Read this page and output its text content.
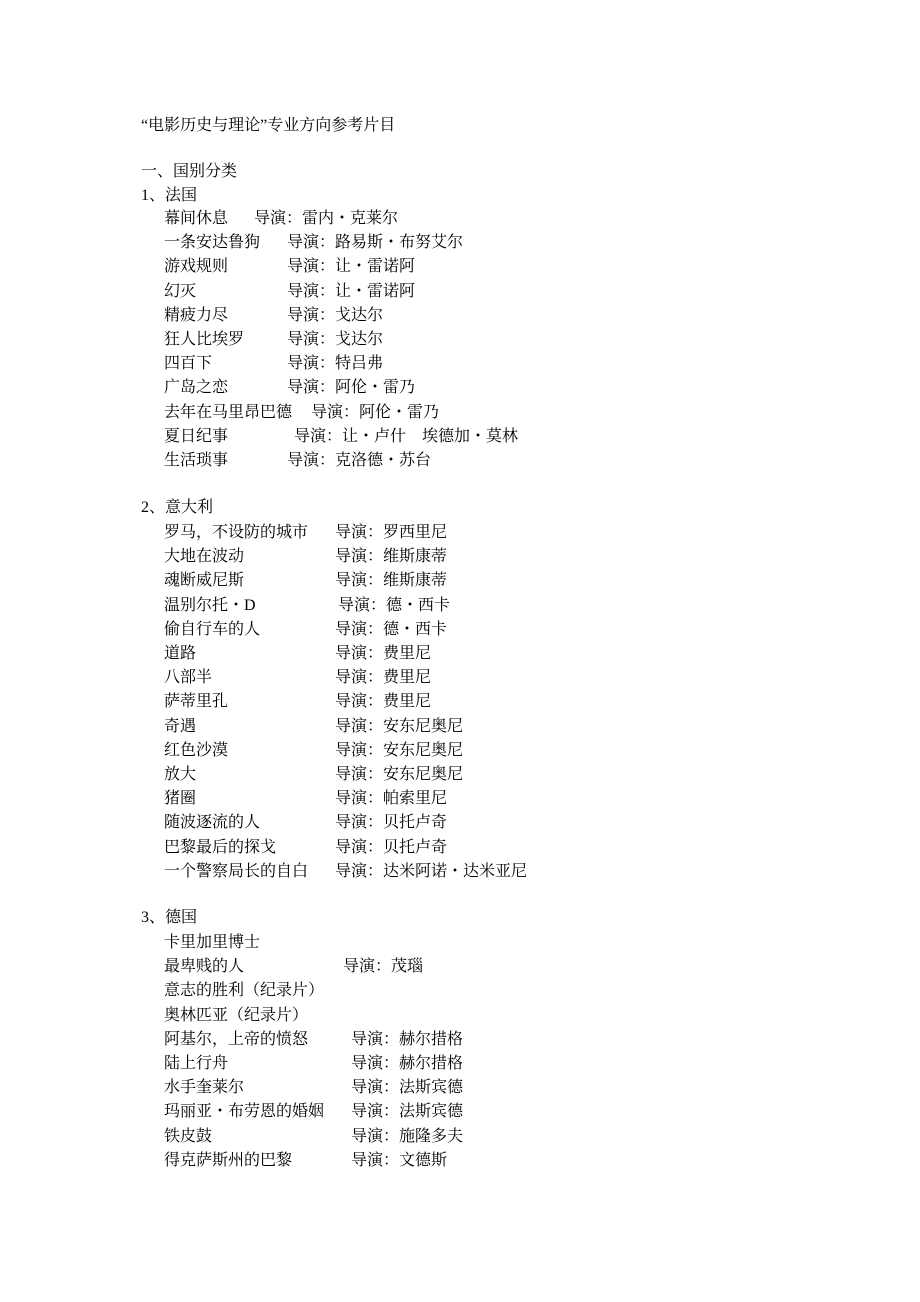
“电影历史与理论”专业方向参考片目
一、国别分类
1、法国
幕间休息 导演：雷内・克莱尔
一条安达鲁狗 导演：路易斯・布努艾尔
游戏规则	导演：让・雷诺阿
幻灭	导演：让・雷诺阿
精疲力尽	导演：戈达尔
狂人比埃罗	导演：戈达尔
四百下	导演：特吕弗
广岛之恋	导演：阿伦・雷乃
去年在马里昂巴德 导演：阿伦・雷乃
夏日纪事	导演：让・卢什　埃德加・莫林
生活琐事	导演：克洛德・苏台
2、意大利
罗马，不设防的城市 导演：罗西里尼
大地在波动	导演：维斯康蒂
魂断威尼斯	导演：维斯康蒂
温别尔托・D	导演：德・西卡
偷自行车的人	导演：德・西卡
道路	导演：费里尼
八部半	导演：费里尼
萨蒂里孔	导演：费里尼
奇遇	导演：安东尼奥尼
红色沙漠	导演：安东尼奥尼
放大	导演：安东尼奥尼
猪圈	导演：帕索里尼
随波逐流的人	导演：贝托卢奇
巴黎最后的探戈	导演：贝托卢奇
一个警察局长的自白 导演：达米阿诺・达米亚尼
3、德国
卡里加里博士
最卑贱的人	导演：茂瑙
意志的胜利（纪录片）
奥林匹亚（纪录片）
阿基尔，上帝的愤怒	导演：赫尔措格
陆上行舟	导演：赫尔措格
水手奎莱尔	导演：法斯宾德
玛丽亚・布劳恩的婚姻 导演：法斯宾德
铁皮鼓	导演：施隆多夫
得克萨斯州的巴黎	导演：文德斯
